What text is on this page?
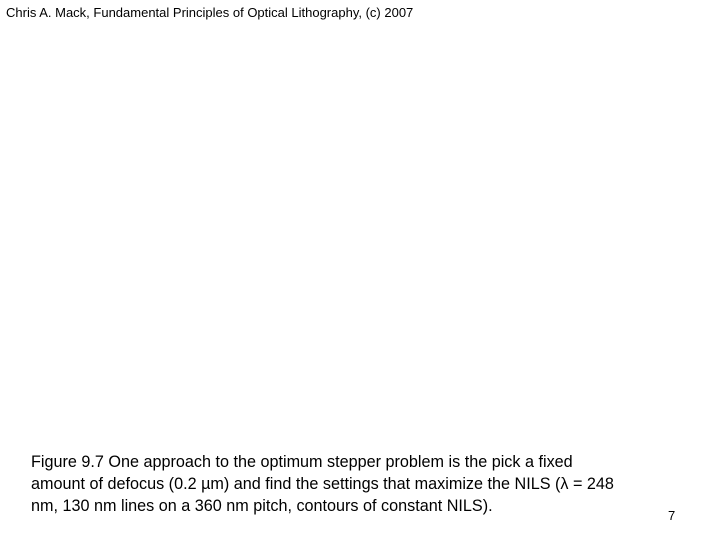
Chris A. Mack, Fundamental Principles of Optical Lithography, (c) 2007
Figure 9.7 One approach to the optimum stepper problem is the pick a fixed
amount of defocus (0.2 µm) and find the settings that maximize the NILS (λ = 248
nm, 130 nm lines on a 360 nm pitch, contours of constant NILS).
7
